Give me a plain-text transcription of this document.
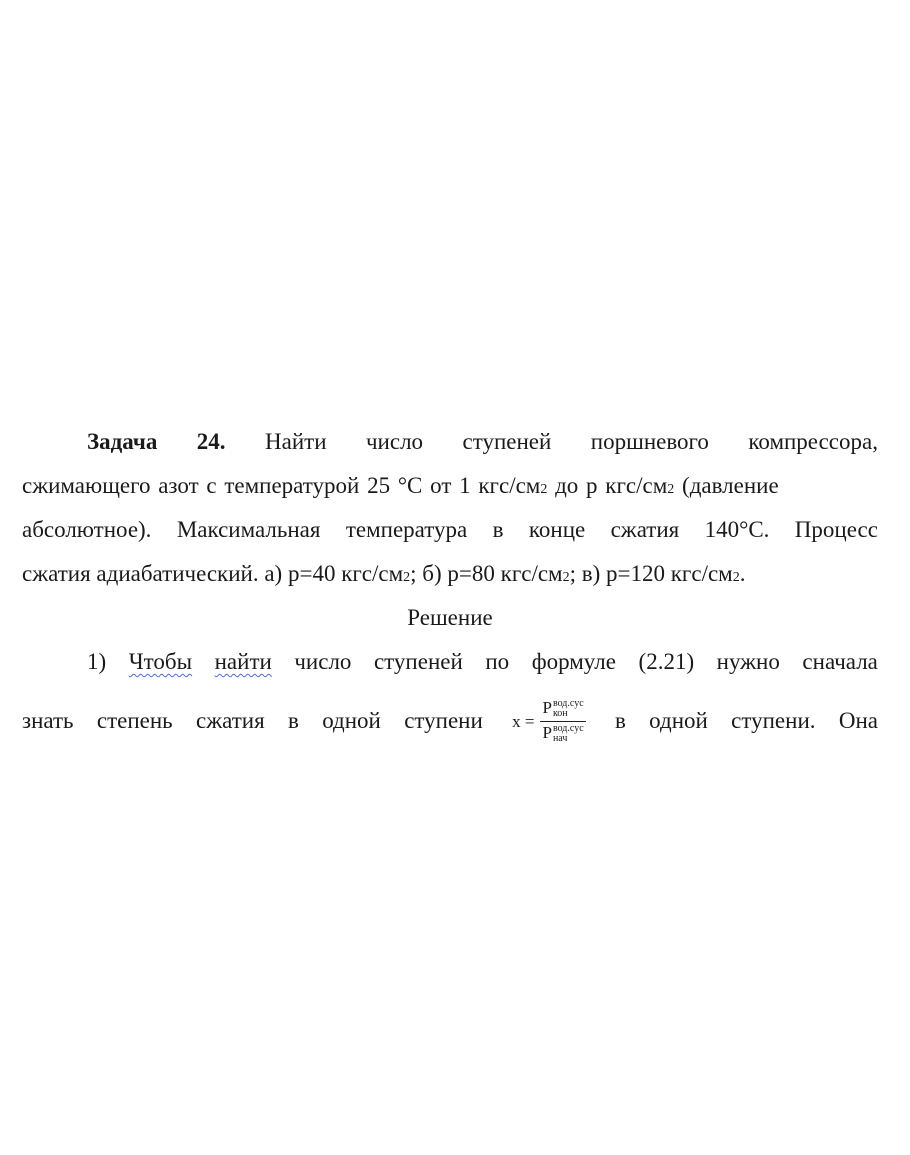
Задача 24. Найти число ступеней поршневого компрессора,
сжимающего азот с температурой 25 °С от 1 кгс/см 2 до р кгс/см 2 (давление
абсолютное). Максимальная температура в конце сжатия 140°С. Процесс
сжатия адиабатический. а) р=40 кгс/см 2 ; б) р=80 кгс/см 2 ; в) р=120 кгс/см 2 .

Решение

1) Чтобы найти число ступеней по формуле (2.21) нужно сначала
знать степень сжатия в одной ступени x = P вод.сус
кон
P вод.сус
нач в одной ступени. Она
